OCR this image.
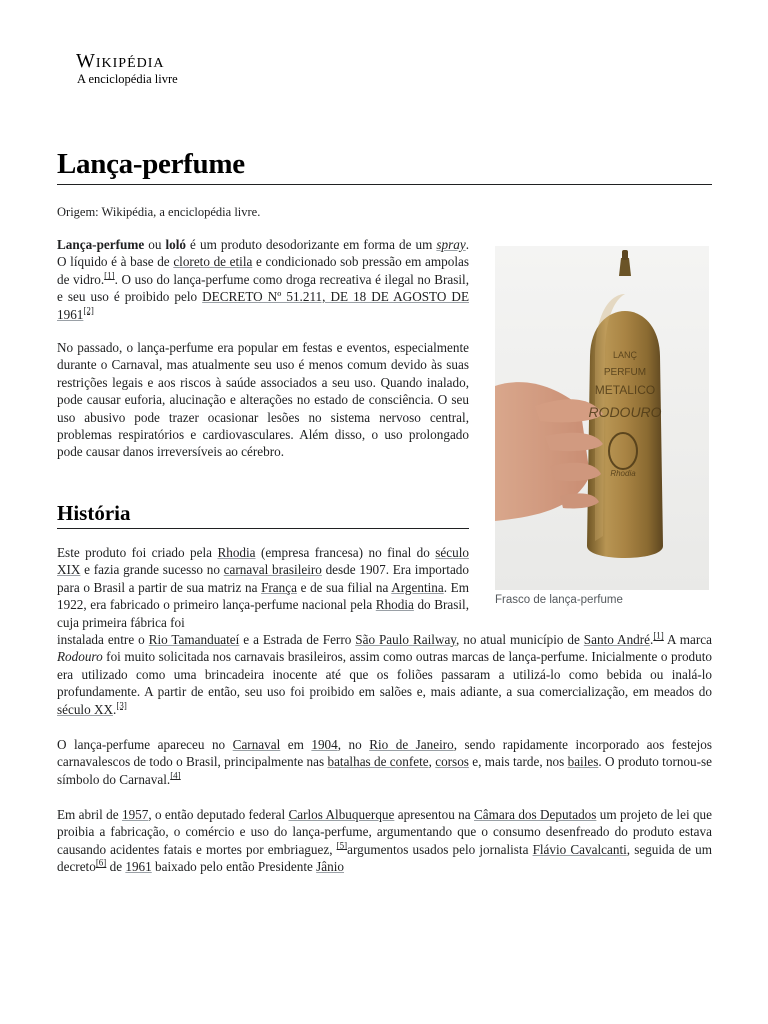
Wikipédia
A enciclopédia livre
Lança-perfume
Origem: Wikipédia, a enciclopédia livre.
LANÇ
PERFUM
METALICO
RODOURO
Rhodia
Frasco de lança-perfume
Lança-perfume ou loló é um produto desodorizante em forma de um spray. O líquido é à base de cloreto de etila e condicionado sob pressão em ampolas de vidro.[1]. O uso do lança-perfume como droga recreativa é ilegal no Brasil, e seu uso é proibido pelo DECRETO Nº 51.211, DE 18 DE AGOSTO DE 1961[2]
No passado, o lança-perfume era popular em festas e eventos, especialmente durante o Carnaval, mas atualmente seu uso é menos comum devido às suas restrições legais e aos riscos à saúde associados a seu uso. Quando inalado, pode causar euforia, alucinação e alterações no estado de consciência. O seu uso abusivo pode trazer ocasionar lesões no sistema nervoso central, problemas respiratórios e cardiovasculares. Além disso, o uso prolongado pode causar danos irreversíveis ao cérebro.
História
Este produto foi criado pela Rhodia (empresa francesa) no final do século XIX e fazia grande sucesso no carnaval brasileiro desde 1907. Era importado para o Brasil a partir de sua matriz na França e de sua filial na Argentina. Em 1922, era fabricado o primeiro lança-perfume nacional pela Rhodia do Brasil, cuja primeira fábrica foi
instalada entre o Rio Tamanduateí e a Estrada de Ferro São Paulo Railway, no atual município de Santo André.[1] A marca Rodouro foi muito solicitada nos carnavais brasileiros, assim como outras marcas de lança-perfume. Inicialmente o produto era utilizado como uma brincadeira inocente até que os foliões passaram a utilizá-lo como bebida ou inalá-lo profundamente. A partir de então, seu uso foi proibido em salões e, mais adiante, a sua comercialização, em meados do século XX.[3]
O lança-perfume apareceu no Carnaval em 1904, no Rio de Janeiro, sendo rapidamente incorporado aos festejos carnavalescos de todo o Brasil, principalmente nas batalhas de confete, corsos e, mais tarde, nos bailes. O produto tornou-se símbolo do Carnaval.[4]
Em abril de 1957, o então deputado federal Carlos Albuquerque apresentou na Câmara dos Deputados um projeto de lei que proibia a fabricação, o comércio e uso do lança-perfume, argumentando que o consumo desenfreado do produto estava causando acidentes fatais e mortes por embriaguez, [5]argumentos usados pelo jornalista Flávio Cavalcanti, seguida de um decreto[6] de 1961 baixado pelo então Presidente Jânio
